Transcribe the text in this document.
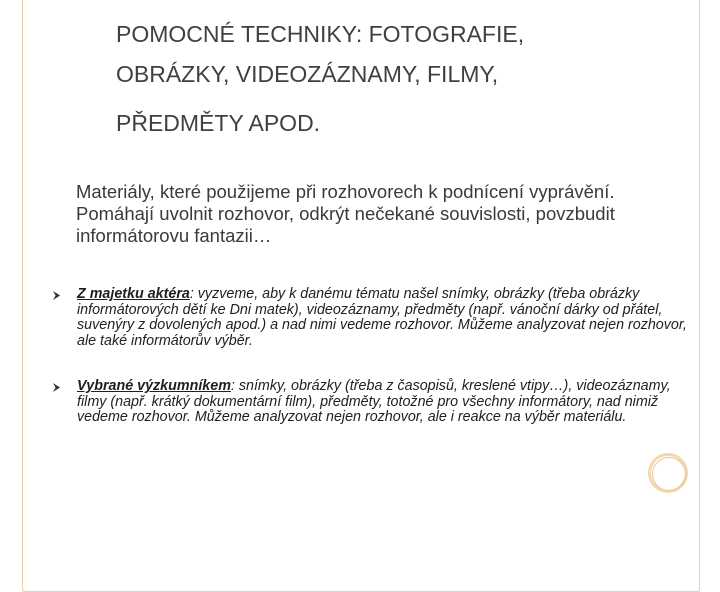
POMOCNÉ TECHNIKY: FOTOGRAFIE,
OBRÁZKY, VIDEOZÁZNAMY, FILMY,
PŘEDMĚTY APOD.

Materiály, které použijeme při rozhovorech k podnícení vyprávění. Pomáhají uvolnit rozhovor, odkrýt nečekané souvislosti, povzbudit informátorovu fantazii…

Z majetku aktéra: vyzveme, aby k danému tématu našel snímky, obrázky (třeba obrázky informátorových dětí ke Dni matek), videozáznamy, předměty (např. vánoční dárky od přátel, suvenýry z dovolených apod.) a nad nimi vedeme rozhovor. Můžeme analyzovat nejen rozhovor, ale také informátorův výběr.
Vybrané výzkumníkem: snímky, obrázky (třeba z časopisů, kreslené vtipy…), videozáznamy, filmy (např. krátký dokumentární film), předměty, totožné pro všechny informátory, nad nimiž vedeme rozhovor. Můžeme analyzovat nejen rozhovor, ale i reakce na výběr materiálu.
